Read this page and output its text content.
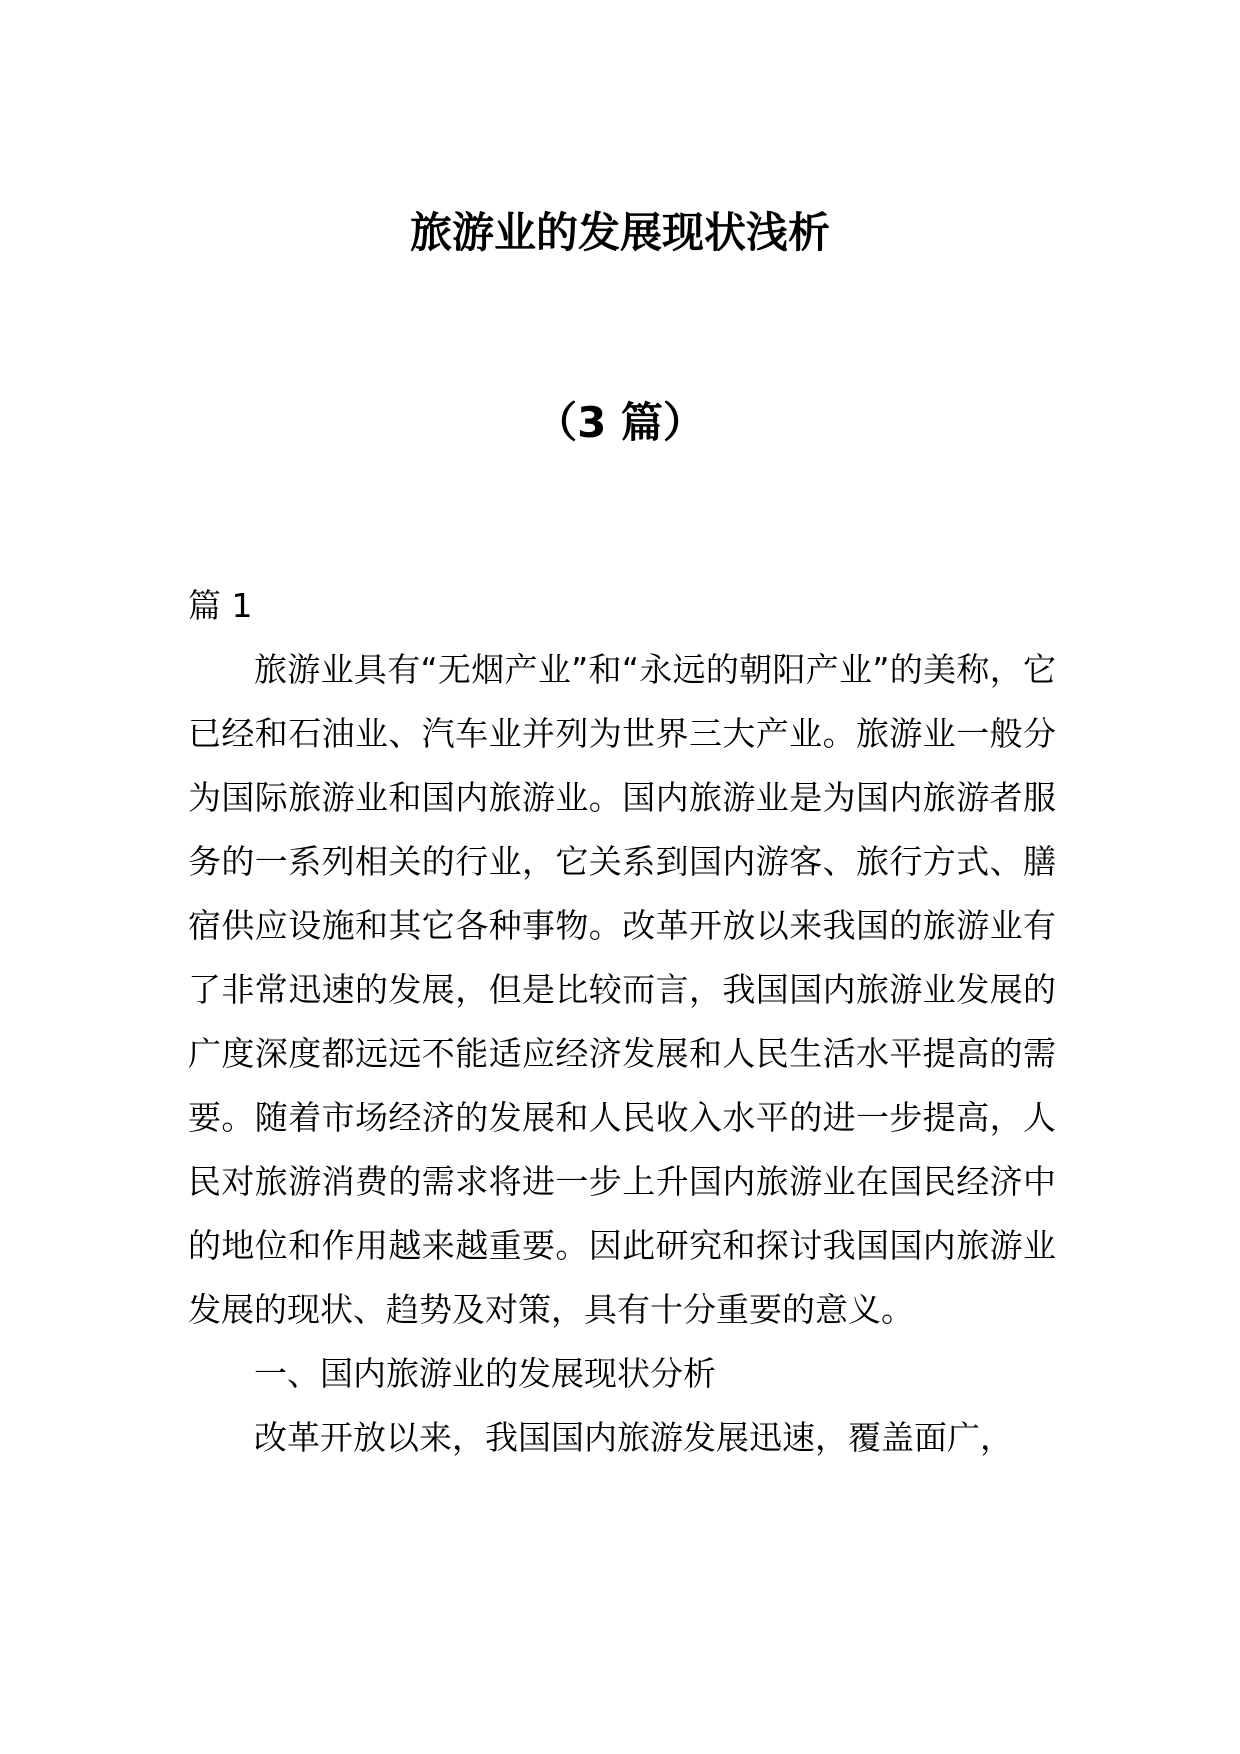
旅游业的发展现状浅析
（3 篇）

篇 1

旅游业具有“无烟产业”和“永远的朝阳产业”的美称，它已经和石油业、汽车业并列为世界三大产业。旅游业一般分为国际旅游业和国内旅游业。国内旅游业是为国内旅游者服务的一系列相关的行业，它关系到国内游客、旅行方式、膳宿供应设施和其它各种事物。改革开放以来我国的旅游业有了非常迅速的发展，但是比较而言，我国国内旅游业发展的广度深度都远远不能适应经济发展和人民生活水平提高的需要。随着市场经济的发展和人民收入水平的进一步提高，人民对旅游消费的需求将进一步上升国内旅游业在国民经济中的地位和作用越来越重要。因此研究和探讨我国国内旅游业发展的现状、趋势及对策，具有十分重要的意义。

一、国内旅游业的发展现状分析

改革开放以来，我国国内旅游发展迅速，覆盖面广，
